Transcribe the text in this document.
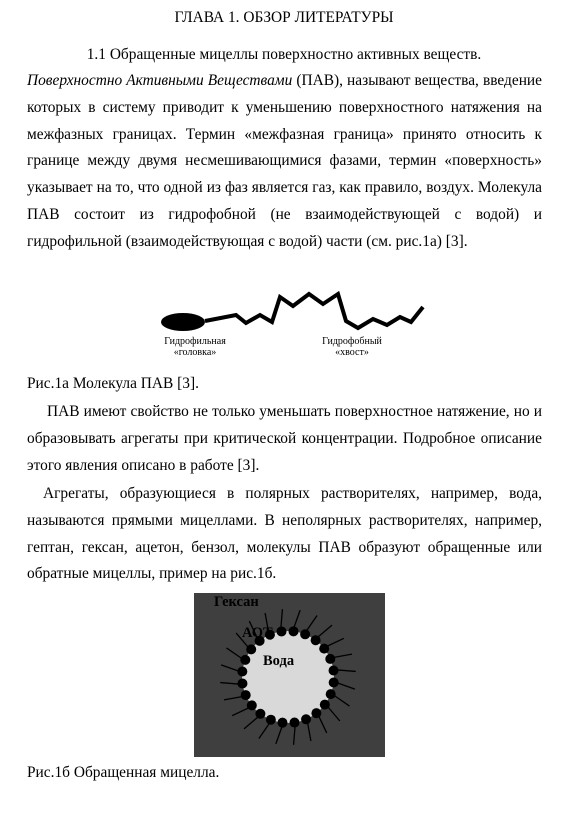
ГЛАВА 1. ОБЗОР ЛИТЕРАТУРЫ
1.1 Обращенные мицеллы поверхностно активных веществ.

Поверхностно Активными Веществами (ПАВ), называют вещества, введение которых в систему приводит к уменьшению поверхностного натяжения на межфазных границах. Термин «межфазная граница» принято относить к границе между двумя несмешивающимися фазами, термин «поверхность» указывает на то, что одной из фаз является газ, как правило, воздух. Молекула ПАВ состоит из гидрофобной (не взаимодействующей с водой) и гидрофильной (взаимодействующая с водой) части (см. рис.1а) [3].

Гидрофильная
«головка»
Гидрофобный
«хвост»
Рис.1а Молекула ПАВ [3].

ПАВ имеют свойство не только уменьшать поверхностное натяжение, но и образовывать агрегаты при критической концентрации. Подробное описание этого явления описано в работе [3].

Агрегаты, образующиеся в полярных растворителях, например, вода, называются прямыми мицеллами. В неполярных растворителях, например, гептан, гексан, ацетон, бензол, молекулы ПАВ образуют обращенные или обратные мицеллы, пример на рис.1б.

Гексан
АОТ
Вода
Рис.1б Обращенная мицелла.
